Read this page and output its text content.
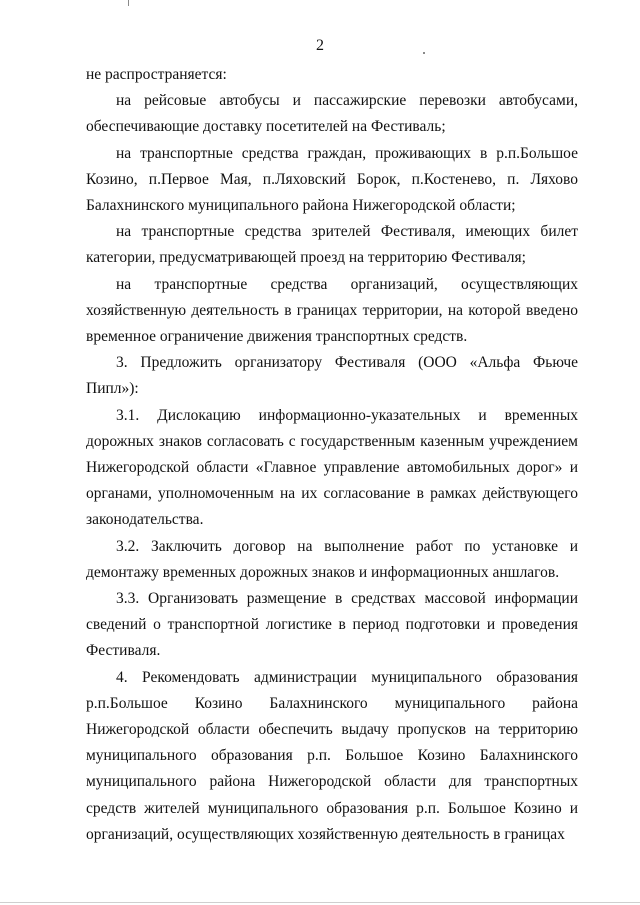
2

не распространяется:

на рейсовые автобусы и пассажирские перевозки автобусами, обеспечивающие доставку посетителей на Фестиваль;

на транспортные средства граждан, проживающих в р.п.Большое Козино, п.Первое Мая, п.Ляховский Борок, п.Костенево, п. Ляхово Балахнинского муниципального района Нижегородской области;

на транспортные средства зрителей Фестиваля, имеющих билет категории, предусматривающей проезд на территорию Фестиваля;

на транспортные средства организаций, осуществляющих хозяйственную деятельность в границах территории, на которой введено временное ограничение движения транспортных средств.

3. Предложить организатору Фестиваля (ООО «Альфа Фьюче Пипл»):

3.1. Дислокацию информационно-указательных и временных дорожных знаков согласовать с государственным казенным учреждением Нижегородской области «Главное управление автомобильных дорог» и органами, уполномоченным на их согласование в рамках действующего законодательства.

3.2. Заключить договор на выполнение работ по установке и демонтажу временных дорожных знаков и информационных аншлагов.

3.3. Организовать размещение в средствах массовой информации сведений о транспортной логистике в период подготовки и проведения Фестиваля.

4. Рекомендовать администрации муниципального образования р.п.Большое Козино Балахнинского муниципального района Нижегородской области обеспечить выдачу пропусков на территорию муниципального образования р.п. Большое Козино Балахнинского муниципального района Нижегородской области для транспортных средств жителей муниципального образования р.п. Большое Козино и организаций, осуществляющих хозяйственную деятельность в границах
